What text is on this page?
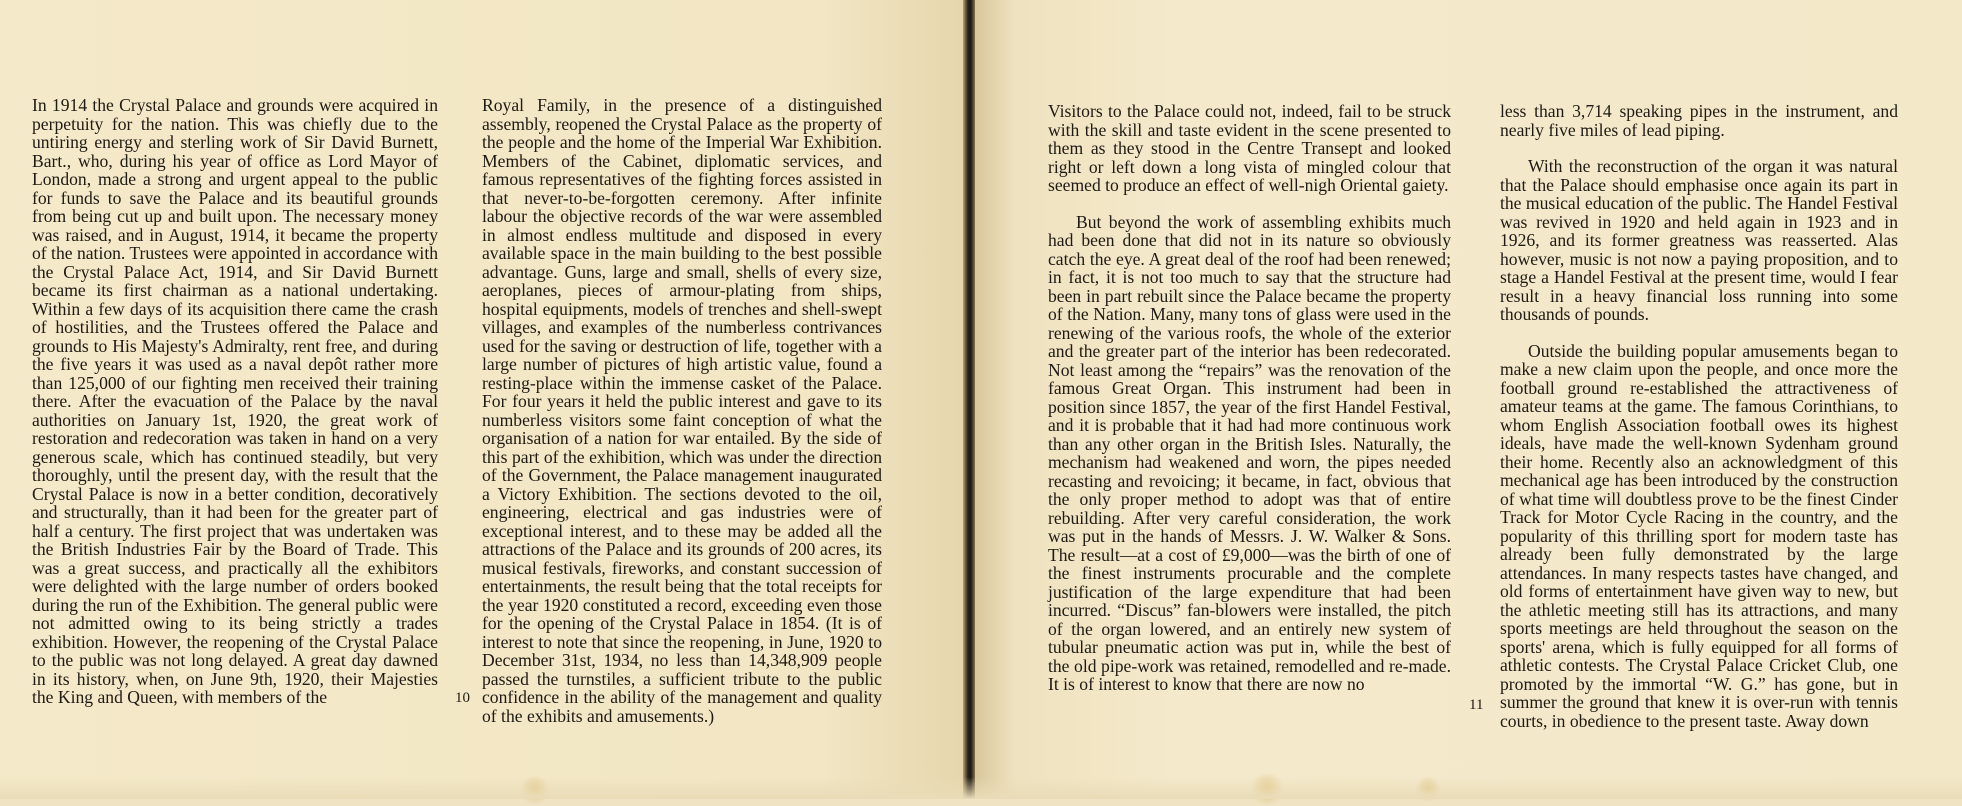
In 1914 the Crystal Palace and grounds were acquired in perpetuity for the nation. This was chiefly due to the untiring energy and sterling work of Sir David Burnett, Bart., who, during his year of office as Lord Mayor of London, made a strong and urgent appeal to the public for funds to save the Palace and its beautiful grounds from being cut up and built upon. The necessary money was raised, and in August, 1914, it became the property of the nation. Trustees were appointed in accordance with the Crystal Palace Act, 1914, and Sir David Burnett became its first chairman as a national undertaking. Within a few days of its acquisition there came the crash of hostilities, and the Trustees offered the Palace and grounds to His Majesty's Admiralty, rent free, and during the five years it was used as a naval depôt rather more than 125,000 of our fighting men received their training there. After the evacuation of the Palace by the naval authorities on January 1st, 1920, the great work of restoration and redecoration was taken in hand on a very generous scale, which has continued steadily, but very thoroughly, until the present day, with the result that the Crystal Palace is now in a better condition, decoratively and structurally, than it had been for the greater part of half a century. The first project that was undertaken was the British Industries Fair by the Board of Trade. This was a great success, and practically all the exhibitors were delighted with the large number of orders booked during the run of the Exhibition. The general public were not admitted owing to its being strictly a trades exhibition. However, the reopening of the Crystal Palace to the public was not long delayed. A great day dawned in its history, when, on June 9th, 1920, their Majesties the King and Queen, with members of the

Royal Family, in the presence of a distinguished assembly, reopened the Crystal Palace as the property of the people and the home of the Imperial War Exhibition. Members of the Cabinet, diplomatic services, and famous representatives of the fighting forces assisted in that never-to-be-forgotten ceremony. After infinite labour the objective records of the war were assembled in almost endless multitude and disposed in every available space in the main building to the best possible advantage. Guns, large and small, shells of every size, aeroplanes, pieces of armour-plating from ships, hospital equipments, models of trenches and shell-swept villages, and examples of the numberless contrivances used for the saving or destruction of life, together with a large number of pictures of high artistic value, found a resting-place within the immense casket of the Palace. For four years it held the public interest and gave to its numberless visitors some faint conception of what the organisation of a nation for war entailed. By the side of this part of the exhibition, which was under the direction of the Government, the Palace management inaugurated a Victory Exhibition. The sections devoted to the oil, engineering, electrical and gas industries were of exceptional interest, and to these may be added all the attractions of the Palace and its grounds of 200 acres, its musical festivals, fireworks, and constant succession of entertainments, the result being that the total receipts for the year 1920 constituted a record, exceeding even those for the opening of the Crystal Palace in 1854. (It is of interest to note that since the reopening, in June, 1920 to December 31st, 1934, no less than 14,348,909 people passed the turnstiles, a sufficient tribute to the public confidence in the ability of the management and quality of the exhibits and amusements.)

10

Visitors to the Palace could not, indeed, fail to be struck with the skill and taste evident in the scene presented to them as they stood in the Centre Transept and looked right or left down a long vista of mingled colour that seemed to produce an effect of well-nigh Oriental gaiety.

But beyond the work of assembling exhibits much had been done that did not in its nature so obviously catch the eye. A great deal of the roof had been renewed; in fact, it is not too much to say that the structure had been in part rebuilt since the Palace became the property of the Nation. Many, many tons of glass were used in the renewing of the various roofs, the whole of the exterior and the greater part of the interior has been redecorated. Not least among the “repairs” was the renovation of the famous Great Organ. This instrument had been in position since 1857, the year of the first Handel Festival, and it is probable that it had had more continuous work than any other organ in the British Isles. Naturally, the mechanism had weakened and worn, the pipes needed recasting and revoicing; it became, in fact, obvious that the only proper method to adopt was that of entire rebuilding. After very careful consideration, the work was put in the hands of Messrs. J. W. Walker & Sons. The result—at a cost of £9,000—was the birth of one of the finest instruments procurable and the complete justification of the large expenditure that had been incurred. “Discus” fan-blowers were installed, the pitch of the organ lowered, and an entirely new system of tubular pneumatic action was put in, while the best of the old pipe-work was retained, remodelled and re-made. It is of interest to know that there are now no

less than 3,714 speaking pipes in the instrument, and nearly five miles of lead piping.

With the reconstruction of the organ it was natural that the Palace should emphasise once again its part in the musical education of the public. The Handel Festival was revived in 1920 and held again in 1923 and in 1926, and its former greatness was reasserted. Alas however, music is not now a paying proposition, and to stage a Handel Festival at the present time, would I fear result in a heavy financial loss running into some thousands of pounds.

Outside the building popular amusements began to make a new claim upon the people, and once more the football ground re-established the attractiveness of amateur teams at the game. The famous Corinthians, to whom English Association football owes its highest ideals, have made the well-known Sydenham ground their home. Recently also an acknowledgment of this mechanical age has been introduced by the construction of what time will doubtless prove to be the finest Cinder Track for Motor Cycle Racing in the country, and the popularity of this thrilling sport for modern taste has already been fully demonstrated by the large attendances. In many respects tastes have changed, and old forms of entertainment have given way to new, but the athletic meeting still has its attractions, and many sports meetings are held throughout the season on the sports' arena, which is fully equipped for all forms of athletic contests. The Crystal Palace Cricket Club, one promoted by the immortal “W. G.” has gone, but in summer the ground that knew it is over-run with tennis courts, in obedience to the present taste. Away down

11
